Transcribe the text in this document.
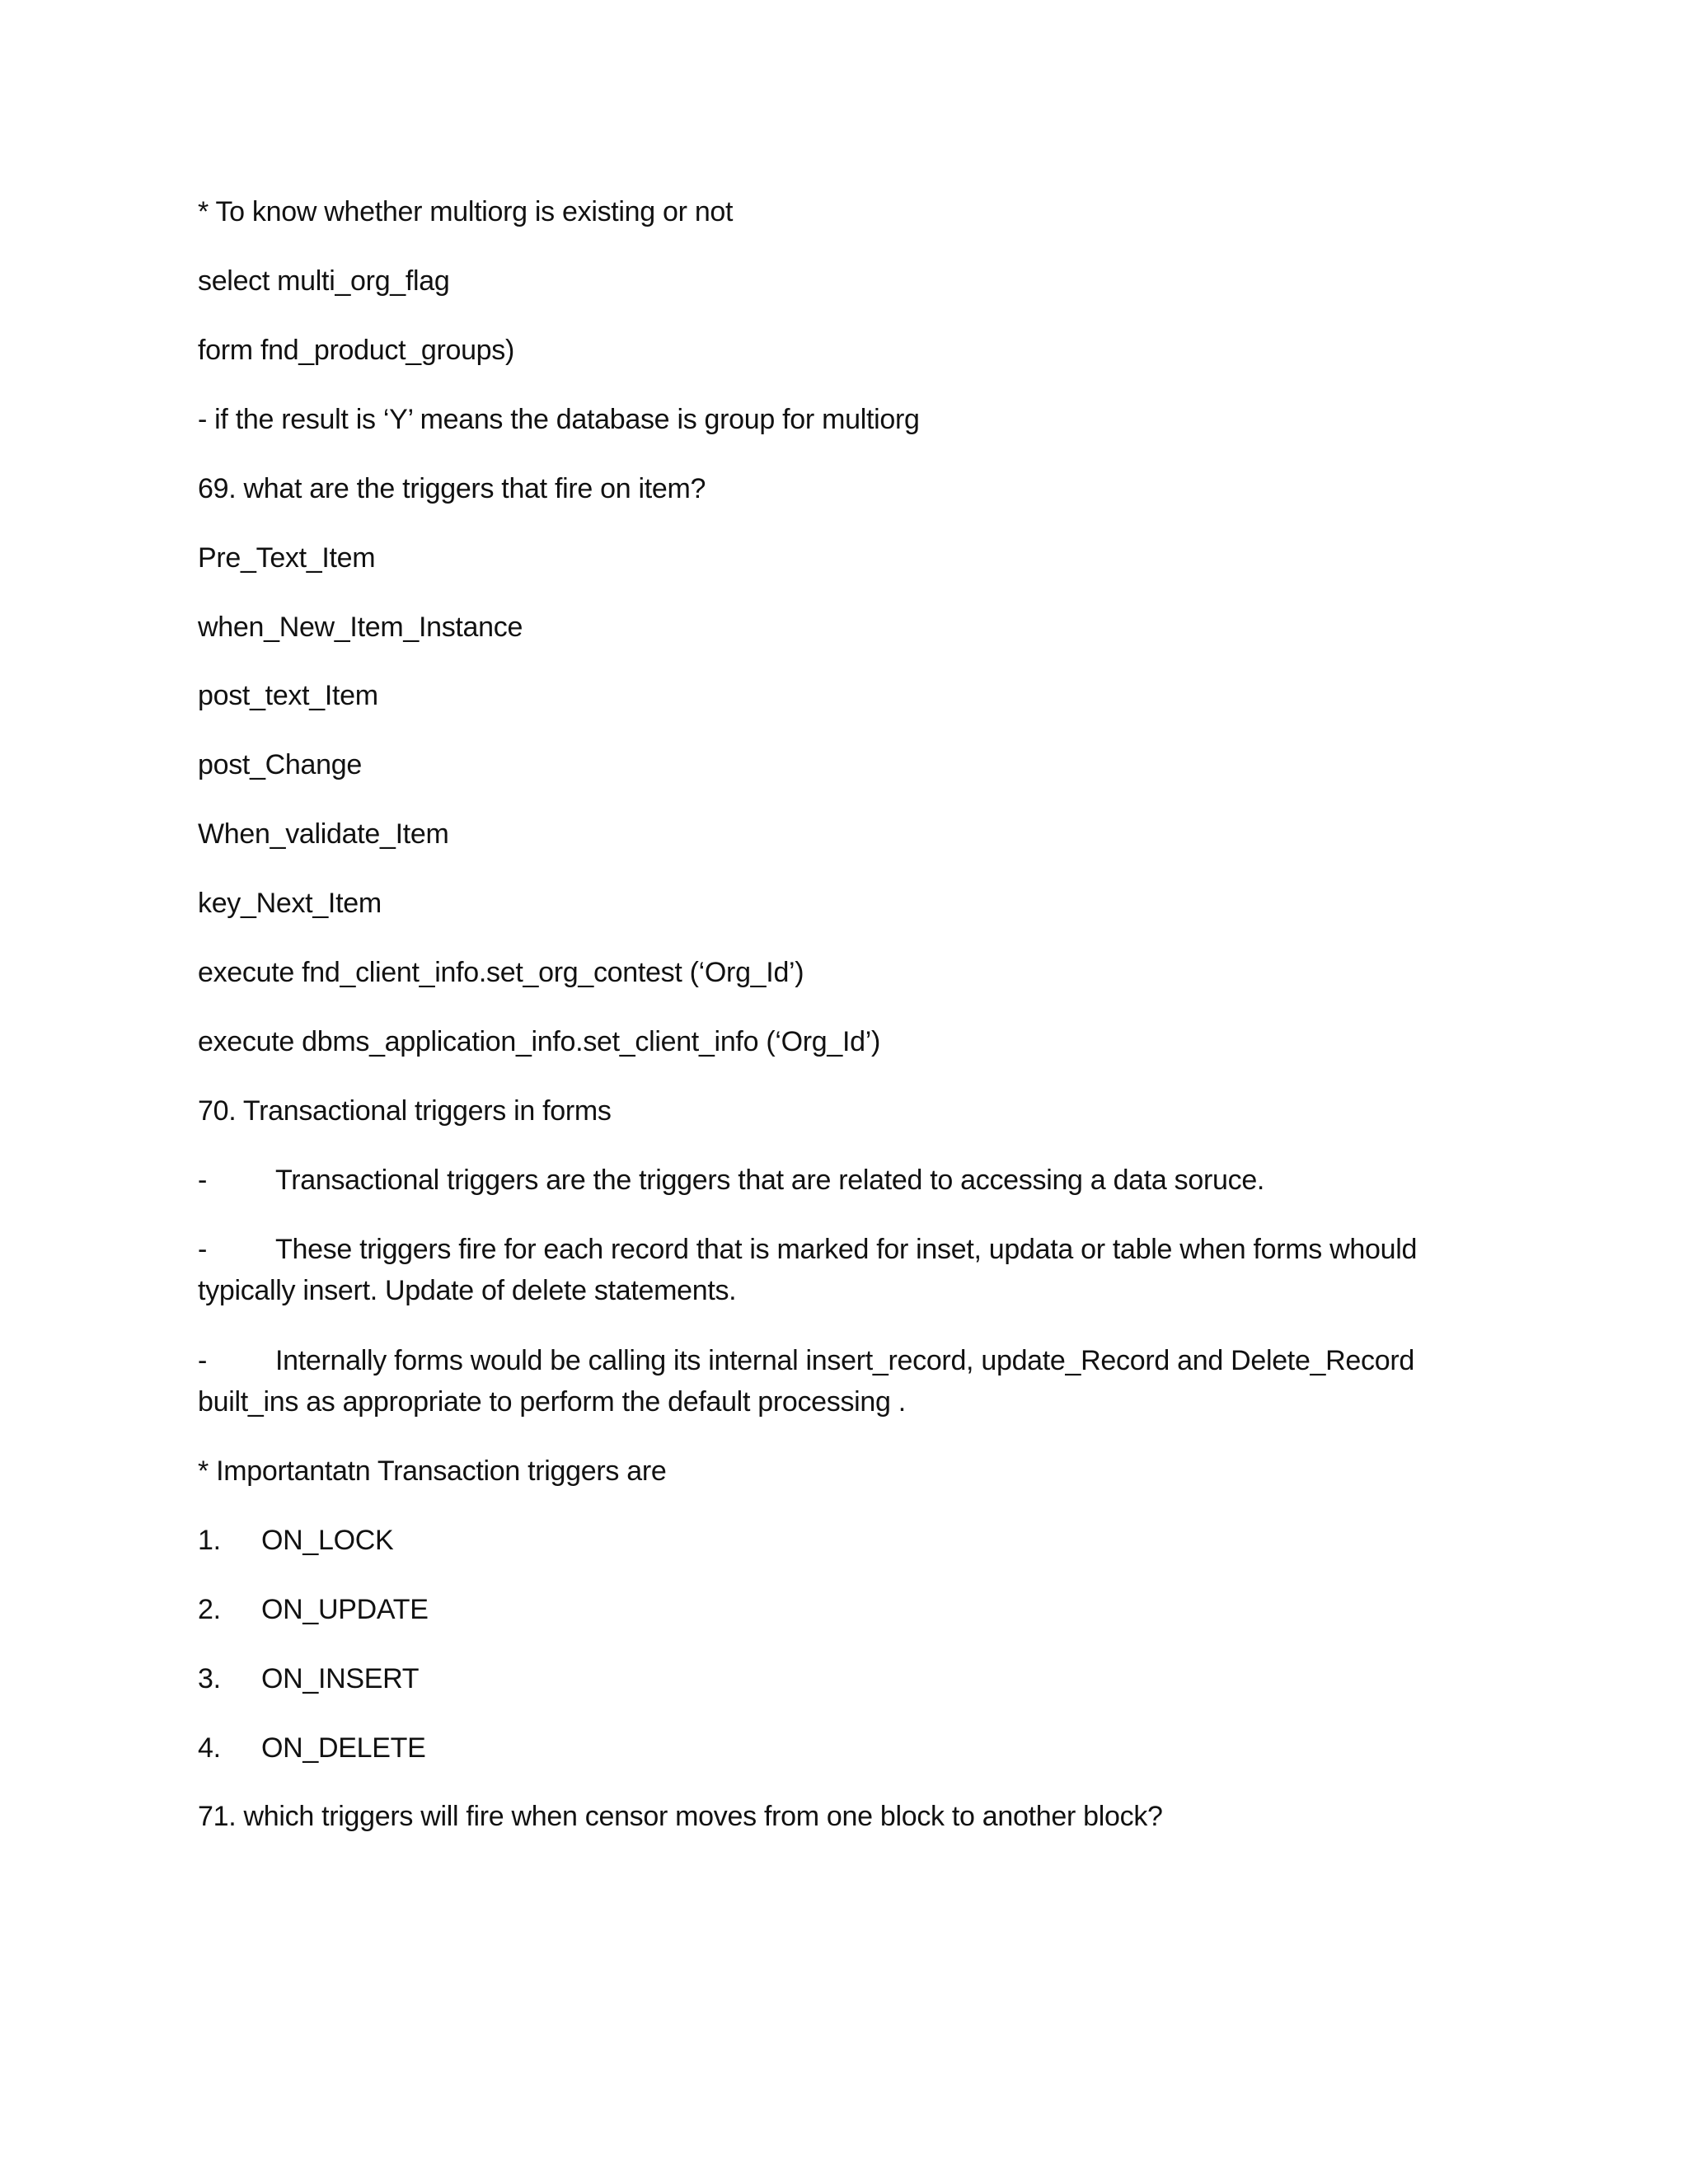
* To know whether multiorg is existing or not
select multi_org_flag
form fnd_product_groups)
- if the result is ‘Y’ means the database is group for multiorg
69. what are the triggers that fire on item?
Pre_Text_Item
when_New_Item_Instance
post_text_Item
post_Change
When_validate_Item
key_Next_Item
execute fnd_client_info.set_org_contest (‘Org_Id’)
execute dbms_application_info.set_client_info (‘Org_Id’)
70. Transactional triggers in forms
- Transactional triggers are the triggers that are related to accessing a data soruce.
- These triggers fire for each record that is marked for inset, updata or table when forms whould
typically insert. Update of delete statements.
- Internally forms would be calling its internal insert_record, update_Record and Delete_Record
built_ins as appropriate to perform the default processing .
* Importantatn Transaction triggers are
1. ON_LOCK
2. ON_UPDATE
3. ON_INSERT
4. ON_DELETE
71. which triggers will fire when censor moves from one block to another block?
